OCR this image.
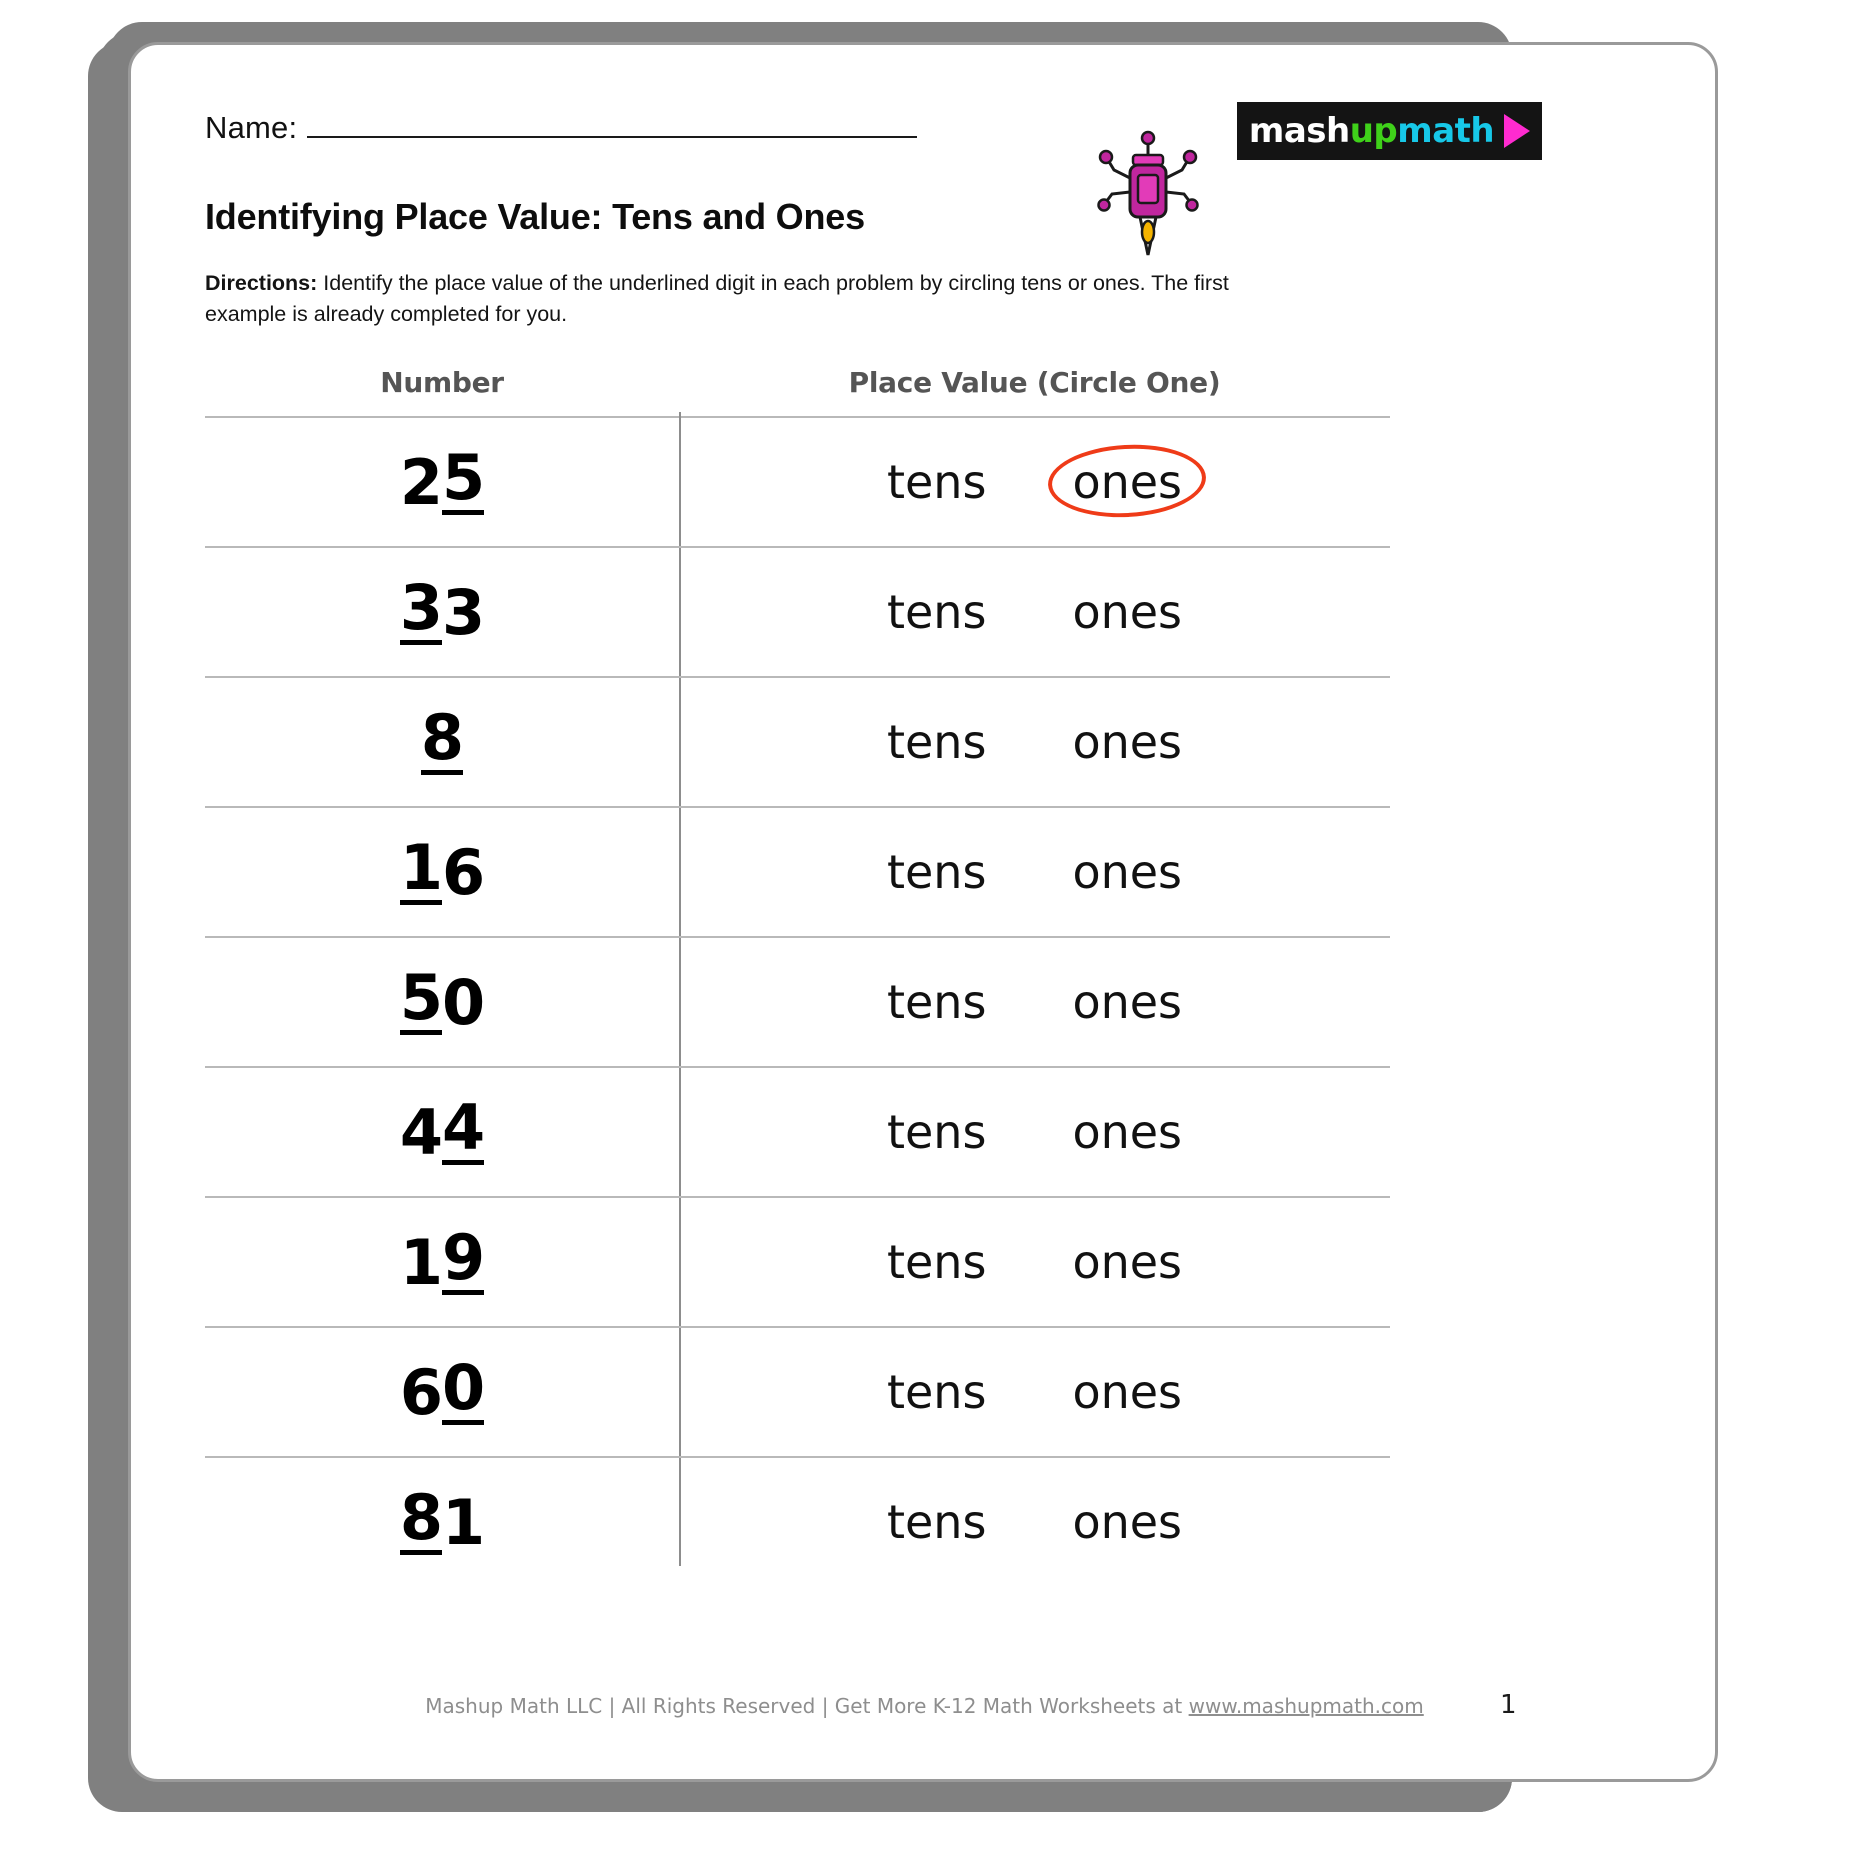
Name:
Identifying Place Value: Tens and Ones
Directions: Identify the place value of the underlined digit in each problem by circling tens or ones. The first example is already completed for you.
mash up math
Number	Place Value (Circle One)
2 5	tens ones
3 3	tens ones
8	tens ones
1 6	tens ones
5 0	tens ones
4 4	tens ones
1 9	tens ones
6 0	tens ones
8 1	tens ones
Mashup Math LLC | All Rights Reserved | Get More K-12 Math Worksheets at www.mashupmath.com	1
